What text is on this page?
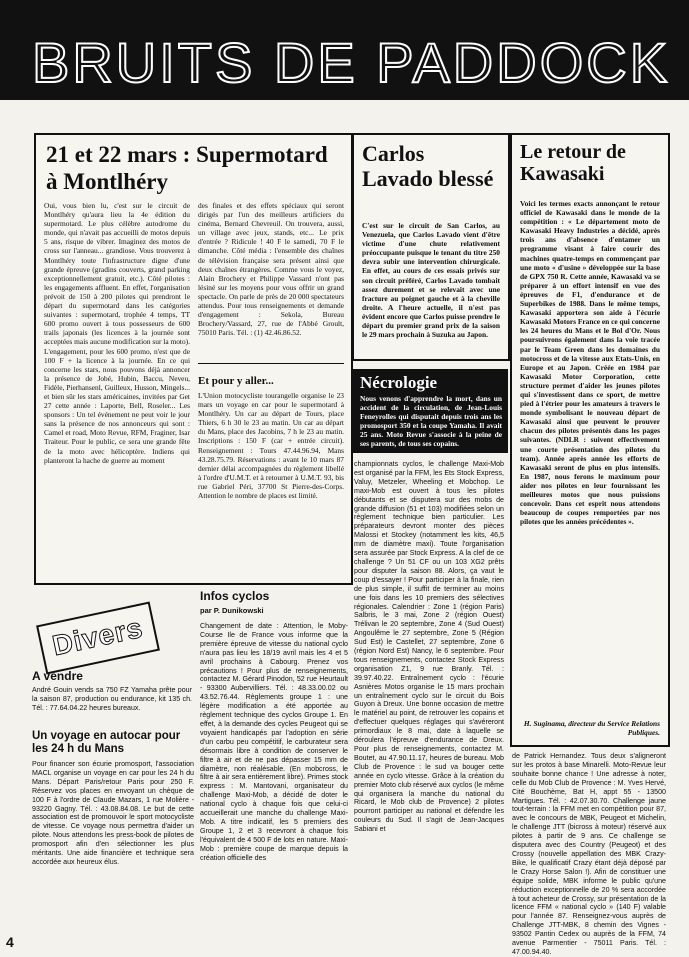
BRUITS DE PADDOCK
21 et 22 mars : Supermotard à Montlhéry
Oui, vous bien lu, c'est sur le circuit de Montlhéry qu'aura lieu la 4e édition du supermotard. Le plus célèbre autodrome du monde, qui n'avait pas accueilli de motos depuis 5 ans, risque de vibrer. Imaginez des motos de cross sur l'anneau... grandiose. Vous trouverez à Montlhéry toute l'infrastructure digne d'une grande épreuve (gradins couverts, grand parking exceptionnellement gratuit, etc.). Côté pilotes : les engagements affluent. En effet, l'organisation prévoit de 150 à 200 pilotes qui prendront le départ du supermotard dans les catégories suivantes : supermotard, trophée 4 temps, TT 600 promo ouvert à tous possesseurs de 600 trails japonais (les licences à la journée sont acceptées mais aucune modification sur la moto). L'engagement, pour les 600 promo, n'est que de 100 F + la licence à la journée. En ce qui concerne les stars, nous pouvons déjà annoncer la présence de Jobé, Hubin, Baccu, Neveu, Fidèle, Pierhansenl, Guilleux, Husson, Mingels... et bien sûr les stars américaines, invitées par Get 27 cette année : Laporte, Bell, Roseler... Les sponsors : Un tel événement ne peut voir le jour sans la présence de nos annonceurs qui sont : Camel et road, Moto Revue, RFM, Fraginer, Isar Traiteur. Pour le public, ce sera une grande fête de la moto avec hélicoptère. Indiens qui planteront la hache de guerre au moment
des finales et des effets spéciaux qui seront dirigés par l'un des meilleurs artificiers du cinéma, Bernard Chevreuil. On trouvera, aussi, un village avec jeux, stands, etc... Le prix d'entrée ? Ridicule ! 40 F le samedi, 70 F le dimanche. Côté média : l'ensemble des chaînes de télévision française sera présent ainsi que deux chaînes étrangères. Comme vous le voyez, Alain Brochery et Philippe Vassard n'ont pas lésiné sur les moyens pour vous offrir un grand spectacle. On parle de près de 20 000 spectateurs attendus. Pour tous renseignements et demande d'engagement : Sekola, Bureau Brochery/Vassard, 27, rue de l'Abbé Groult, 75010 Paris. Tél. : (1) 42.46.86.52.
Et pour y aller...
L'Union motocycliste tourangelle organise le 23 mars un voyage en car pour le supermotard à Montlhéry. Un car au départ de Tours, place Thiers, 6 h 30 le 23 au matin. Un car au départ du Mans, place des Jacobins, 7 h le 23 au matin. Inscriptions : 150 F (car + entrée circuit). Renseignement : Tours 47.44.96.94, Mans 43.28.75.79. Réservations : avant le 10 mars 87 dernier délai accompagnées du règlement libellé à l'ordre d'U.M.T. et à retourner à U.M.T. 93, bis rue Gabriel Péri, 37700 St Pierre-des-Corps. Attention le nombre de places est limité.
Carlos Lavado blessé
C'est sur le circuit de San Carlos, au Venezuela, que Carlos Lavado vient d'être victime d'une chute relativement préoccupante puisque le tenant du titre 250 devra subir une intervention chirurgicale. En effet, au cours de ces essais privés sur son circuit préféré, Carlos Lavado tombait assez durement et se relevait avec une fracture au poignet gauche et à la cheville droite. A l'heure actuelle, il n'est pas évident encore que Carlos puisse prendre le départ du premier grand prix de la saison le 29 mars prochain à Suzuka au Japon.
Nécrologie
Nous venons d'apprendre la mort, dans un accident de la circulation, de Jean-Louis Feneyrolles qui disputait depuis trois ans les promosport 350 et la coupe Yamaha. Il avait 25 ans. Moto Revue s'associe à la peine de ses parents, de tous ses copains.
Le retour de Kawasaki
Voici les termes exacts annonçant le retour officiel de Kawasaki dans le monde de la compétition : « Le département moto de Kawasaki Heavy Industries a décidé, après trois ans d'absence d'entamer un programme visant à faire courir des machines quatre-temps en commençant par une moto « d'usine » développée sur la base de GPX 750 R. Cette année, Kawasaki va se préparer à un effort intensif en vue des épreuves de F1, d'endurance et de Superbikes de 1988. Dans le même temps, Kawasaki apportera son aide à l'écurie Kawasaki Motors France en ce qui concerne les 24 heures du Mans et le Bol d'Or. Nous poursuivrons également dans la voie tracée par le Team Green dans les domaines du motocross et de la vitesse aux Etats-Unis, en Europe et au Japon. Créée en 1984 par Kawasaki Motor Corporation, cette structure permet d'aider les jeunes pilotes qui s'investissent dans ce sport, de mettre pied à l'étrier pour les amateurs à travers le monde symbolisant le nouveau départ de Kawasaki ainsi que peuvent le prouver chacun des pilotes présentés dans les pages suivantes. (NDLR : suivent effectivement une courte présentation des pilotes du team). Année après année les efforts de Kawasaki seront de plus en plus intensifs. En 1987, nous ferons le maximum pour aider nos pilotes en leur fournissant les meilleures motos que nous puissions concevoir. Dans cet esprit nous attendons beaucoup de coupes remportées par nos pilotes que les années précédentes ».
H. Suginama, directeur du Service Relations Publiques.
championnats cyclos, le challenge Maxi-Mob est organisé par la FFM, les Ets Stock Express, Valuy, Metzeler, Wheeling et Mobchop. Le maxi-Mob est ouvert à tous les pilotes débutants et se disputera sur des mobs de grande diffusion (51 et 103) modifiées selon un règlement technique bien particulier. Les préparateurs devront monter des pièces Malossi et Stockey (notamment les kits, 46,5 mm de diamètre maxi). Toute l'organisation sera assurée par Stock Express. A la clef de ce challenge ? Un 51 CF ou un 103 XG2 prêts pour disputer la saison 88. Alors, ça vaut le coup d'essayer ! Pour participer à la finale, rien de plus simple, il suffit de terminer au moins une fois dans les 10 premiers des sélectives régionales. Calendrier : Zone 1 (région Paris) Salbris, le 3 mai, Zone 2 (région Ouest) Trélivan le 20 septembre, Zone 4 (Sud Ouest) Angoulême le 27 septembre, Zone 5 (Région Sud Est) le Castellet, 27 septembre, Zone 6 (région Nord Est) Nancy, le 6 septembre. Pour tous renseignements, contactez Stock Express organisation Z1, 9 rue Branly. Tél. : 39.97.40.22. Entraînement cyclo : l'écurie Asnières Motos organise le 15 mars prochain un entraînement cyclo sur le circuit du Bois Guyon à Dreux. Une bonne occasion de mettre le matériel au point, de retrouver les copains et d'effectuer quelques réglages qui s'avéreront primordiaux le 8 mai, date à laquelle se déroulera l'épreuve d'endurance de Dreux. Pour plus de renseignements, contactez M. Boutet, au 47.90.11.17, heures de bureau. Mob Club de Provence : le sud va bouger cette année en cyclo vitesse. Grâce à la création du premier Moto club réservé aux cyclos (le même qui organisera la manche du national du Ricard, le Mob club de Provence) 2 pilotes pourront participer au national et défendre les couleurs du Sud. Il s'agit de Jean-Jacques Sabiani et
de Patrick Hernandez. Tous deux s'aligneront sur les protos à base Minarelli. Moto-Revue leur souhaite bonne chance ! Une adresse à noter, celle du Mob Club de Provence : M. Yves Hervé, Cité Bouchème, Bat H, appt 55 - 13500 Martigues. Tél. : 42.07.30.70. Challenge jaune tout-terrain : la FFM met en compétition pour 87, avec le concours de MBK, Peugeot et Michelin, le challenge JTT (bicross à moteur) réservé aux pilotes à partir de 9 ans. Ce challenge se disputera avec des Country (Peugeot) et des Crossy (nouvelle appellation des MBK Crazy-Bike, le qualificatif Crazy étant déjà déposé par le Crazy Horse Salon !). Afin de constituer une équipe solide, MBK informe le public qu'une réduction exceptionnelle de 20 % sera accordée à tout acheteur de Crossy, sur présentation de la licence FFM « national cyclo » (140 F) valable pour l'année 87. Renseignez-vous auprès de Challenge JTT-MBK, 8 chemin des Vignes - 93502 Pantin Cedex ou auprès de la FFM, 74 avenue Parmentier - 75011 Paris. Tél. : 47.00.94.40.
Divers
A vendre
André Gouin vends sa 750 FZ Yamaha prête pour la saison 87, production ou endurance, kit 135 ch. Tél. : 77.64.04.22 heures bureaux.
Un voyage en autocar pour les 24 h du Mans
Pour financer son écurie promosport, l'association MACL organise un voyage en car pour les 24 h du Mans. Départ Paris/retour Paris pour 250 F. Réservez vos places en envoyant un chèque de 100 F à l'ordre de Claude Mazars, 1 rue Molière - 93220 Gagny. Tél. : 43.08.84.08. Le but de cette association est de promouvoir le sport motocycliste de vitesse. Ce voyage nous permettra d'aider un pilote. Nous attendons les press-book de pilotes de promosport afin d'en sélectionner les plus méritants. Une aide financière et technique sera accordée aux heureux élus.
Infos cyclos
par P. Dunikowski
Changement de date : Attention, le Moby-Course Ile de France vous informe que la première épreuve de vitesse du national cyclo n'aura pas lieu les 18/19 avril mais les 4 et 5 avril prochains à Cabourg. Prenez vos précautions ! Pour plus de renseignements, contactez M. Gérard Pinodon, 52 rue Heurtault - 93300 Aubervilliers. Tél. : 48.33.00.02 ou 43.52.76.44. Règlements groupe 1 : une légère modification a été apportée au règlement technique des cyclos Groupe 1. En effet, à la demande des cycles Peugeot qui se voyaient handicapés par l'adoption en série d'un carbu peu compétitif, le carburateur sera désormais libre à condition de conserver le filtre à air et de ne pas dépasser 15 mm de diamètre, non réalésable. (En mobcross, le filtre à air sera entièrement libre). Primes stock express : M. Mantovani, organisateur du challenge Maxi-Mob, a décidé de doter le national cyclo à chaque fois que celui-ci accueillerait une manche du challenge Maxi-Mob. A titre indicatif, les 5 premiers des Groupe 1, 2 et 3 recevront à chaque fois l'équivalent de 4 500 F de lots en nature. Maxi-Mob : première coupe de marque depuis la création officielle des
4
